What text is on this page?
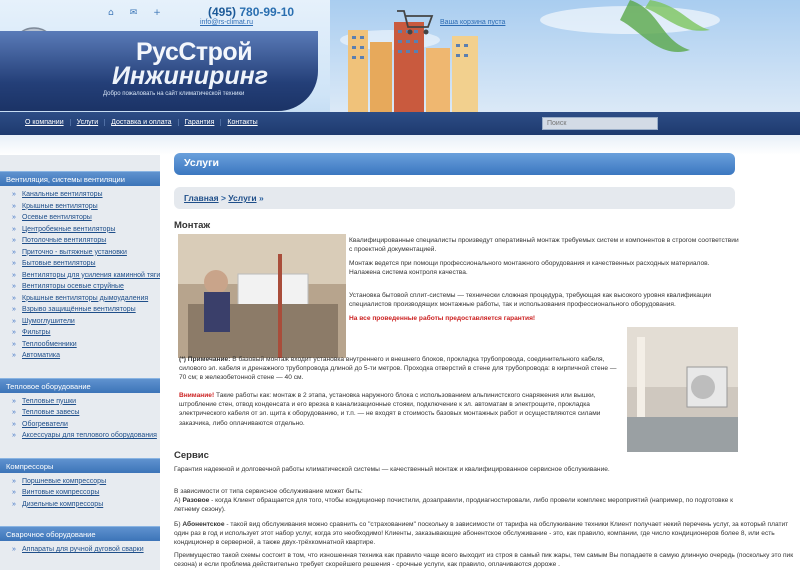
РусСтрой
Инжиниринг
Добро пожаловать на сайт климатической техники
⌂ ✉ +	(495) 780-99-10
info@rs-climat.ru	Ваша корзина пуста
О компании	Услуги	Доставка и оплата	Гарантия	Контакты
Поиск
Вентиляция, системы вентиляции
» Канальные вентиляторы
» Крышные вентиляторы
» Осевые вентиляторы
» Центробежные вентиляторы
» Потолочные вентиляторы
» Приточно - вытяжные установки
» Бытовые вентиляторы
» Вентиляторы для усиления каминной тяги
» Вентиляторы осевые струйные
» Крышные вентиляторы дымоудаления
» Взрыво защищённые вентиляторы
» Шумоглушители
» Фильтры
» Теплообменники
» Автоматика
Тепловое оборудование
» Тепловые пушки
» Тепловые завесы
» Обогреватели
» Аксессуары для теплового оборудования
Компрессоры
» Поршневые компрессоры
» Винтовые компрессоры
» Дизельные компрессоры
Сварочное оборудование
» Аппараты для ручной дуговой сварки
Услуги
Главная > Услуги »
Монтаж
Квалифицированные специалисты произведут оперативный монтаж требуемых систем и компонентов в строгом соответствии с проектной документацией.
Монтаж ведется при помощи профессионального монтажного оборудования и качественных расходных материалов. Налажена система контроля качества.
Установка бытовой сплит-системы — технически сложная процедура, требующая как высокого уровня квалификации специалистов производящих монтажные работы, так и использования профессионального оборудования.
На все проведенные работы предоставляется гарантия!
(*) Примечание: В базовый монтаж входит установка внутреннего и внешнего блоков, прокладка трубопровода, соединительного кабеля, силового эл. кабеля и дренажного трубопровода длиной до 5-ти метров. Проходка отверстий в стене для трубопровода: в кирпичной стене — 70 см; в железобетонной стене — 40 см.
Внимание! Такие работы как: монтаж в 2 этапа, установка наружного блока с использованием альпинистского снаряжения или вышки, штробление стен, отвод конденсата и его врезка в канализационные стояки, подключение к эл. автоматам в электрощите, прокладка электрического кабеля от эл. щита к оборудованию, и т.п. — не входят в стоимость базовых монтажных работ и осуществляются силами заказчика, либо оплачиваются отдельно.
Сервис
Гарантия надежной и долговечной работы климатической системы — качественный монтаж и квалифицированное сервисное обслуживание.
В зависимости от типа сервисное обслуживание может быть:
А) Разовое - когда Клиент обращается для того, чтобы кондиционер почистили, дозаправили, продиагностировали, либо провели комплекс мероприятий (например, по подготовке к летнему сезону).
Б) Абонентское - такой вид обслуживания можно сравнить со "страхованием" поскольку в зависимости от тарифа на обслуживание техники Клиент получает некий перечень услуг, за который платит один раз в год и использует этот набор услуг, когда это необходимо! Клиенты, заказывающие абонентское обслуживание - это, как правило, компании, где число кондиционеров более 8, или есть кондиционер в серверной, а также двух-трёхкомнатной квартире.
Преимущество такой схемы состоит в том, что изношенная техника как правило чаще всего выходит из строя в самый пик жары, тем самым Вы попадаете в самую длинную очередь (поскольку это пик сезона) и если проблема действительно требует скорейшего решения - срочные услуги, как правило, оплачиваются дороже .
